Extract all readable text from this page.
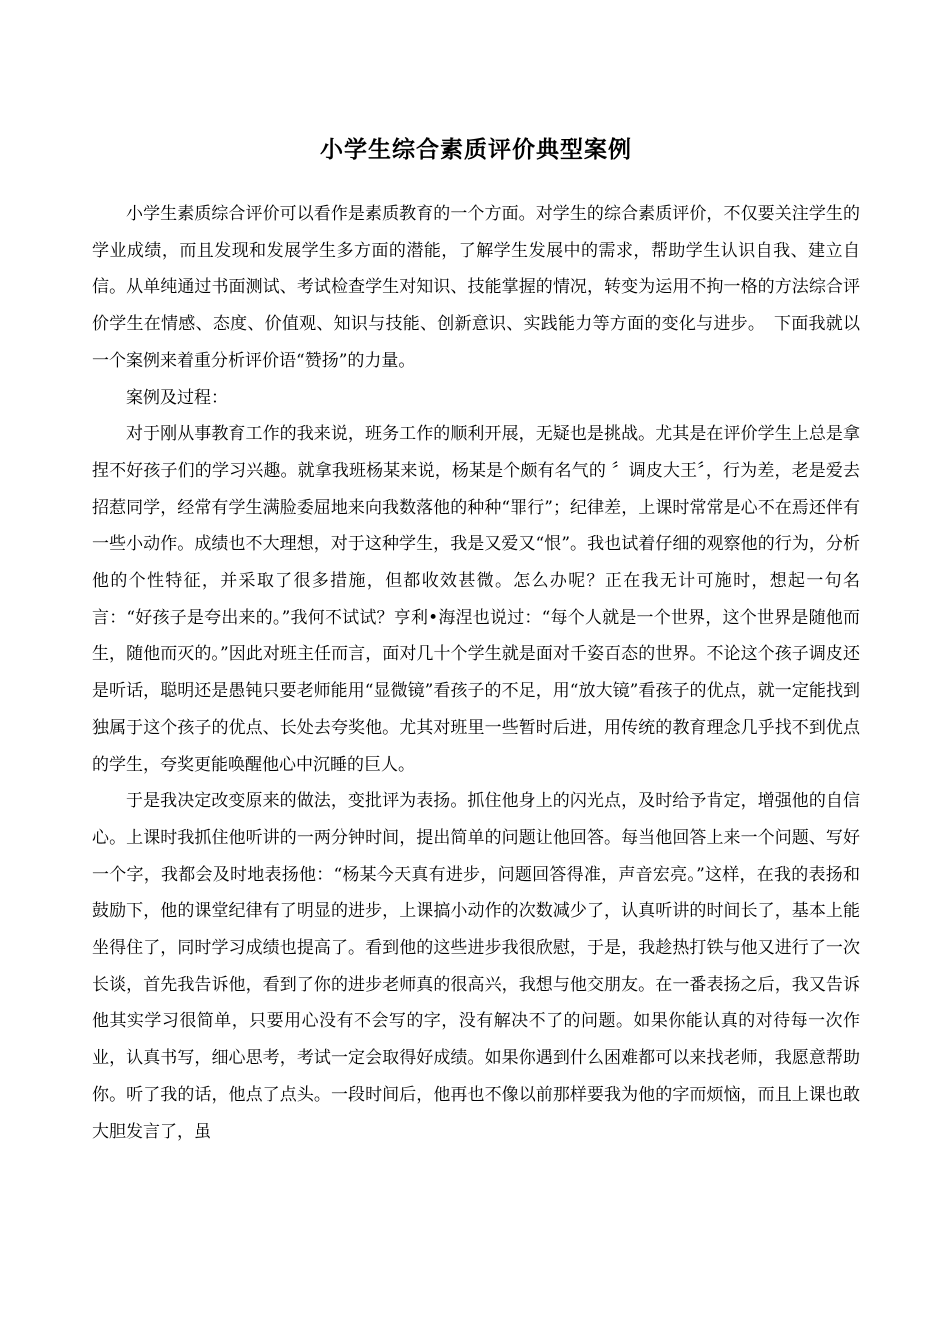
小学生综合素质评价典型案例

小学生素质综合评价可以看作是素质教育的一个方面。对学生的综合素质评价，不仅要关注学生的学业成绩，而且发现和发展学生多方面的潜能，了解学生发展中的需求，帮助学生认识自我、建立自信。从单纯通过书面测试、考试检查学生对知识、技能掌握的情况，转变为运用不拘一格的方法综合评价学生在情感、态度、价值观、知识与技能、创新意识、实践能力等方面的变化与进步。　下面我就以一个案例来着重分析评价语“赞扬”的力量。

案例及过程：

对于刚从事教育工作的我来说，班务工作的顺利开展，无疑也是挑战。尤其是在评价学生上总是拿捏不好孩子们的学习兴趣。就拿我班杨某来说，杨某是个颇有名气的 〞调皮大王〞，行为差，老是爱去招惹同学，经常有学生满脸委屈地来向我数落他的种种“罪行”；纪律差，上课时常常是心不在焉还伴有一些小动作。成绩也不大理想，对于这种学生，我是又爱又“恨”。我也试着仔细的观察他的行为，分析他的个性特征，并采取了很多措施，但都收效甚微。怎么办呢？正在我无计可施时，想起一句名言：“好孩子是夸出来的。”我何不试试？亨利•海涅也说过：“每个人就是一个世界，这个世界是随他而生，随他而灭的。”因此对班主任而言，面对几十个学生就是面对千姿百态的世界。不论这个孩子调皮还是听话，聪明还是愚钝只要老师能用“显微镜”看孩子的不足，用“放大镜”看孩子的优点，就一定能找到独属于这个孩子的优点、长处去夸奖他。尤其对班里一些暂时后进，用传统的教育理念几乎找不到优点的学生，夸奖更能唤醒他心中沉睡的巨人。

于是我决定改变原来的做法，变批评为表扬。抓住他身上的闪光点，及时给予肯定，增强他的自信心。上课时我抓住他听讲的一两分钟时间，提出简单的问题让他回答。每当他回答上来一个问题、写好一个字，我都会及时地表扬他：“杨某今天真有进步，问题回答得准，声音宏亮。”这样，在我的表扬和鼓励下，他的课堂纪律有了明显的进步，上课搞小动作的次数减少了，认真听讲的时间长了，基本上能坐得住了，同时学习成绩也提高了。看到他的这些进步我很欣慰，于是，我趁热打铁与他又进行了一次长谈，首先我告诉他，看到了你的进步老师真的很高兴，我想与他交朋友。在一番表扬之后，我又告诉他其实学习很简单，只要用心没有不会写的字，没有解决不了的问题。如果你能认真的对待每一次作业，认真书写，细心思考，考试一定会取得好成绩。如果你遇到什么困难都可以来找老师，我愿意帮助你。听了我的话，他点了点头。一段时间后，他再也不像以前那样要我为他的字而烦恼，而且上课也敢大胆发言了，虽
